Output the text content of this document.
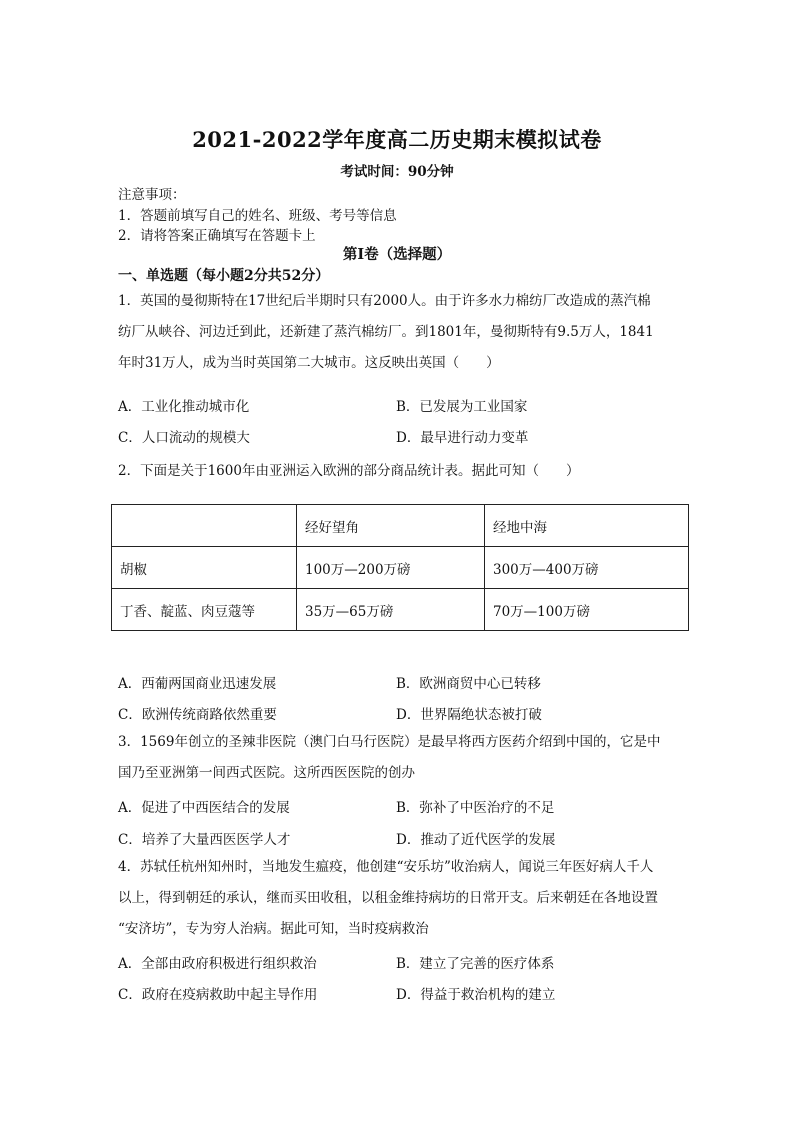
2021-2022学年度高二历史期末模拟试卷
考试时间：90分钟
注意事项：
1．答题前填写自己的姓名、班级、考号等信息
2．请将答案正确填写在答题卡上
第I卷（选择题）
一、单选题（每小题2分共52分）
1．英国的曼彻斯特在17世纪后半期时只有2000人。由于许多水力棉纺厂改造成的蒸汽棉
纺厂从峡谷、河边迁到此，还新建了蒸汽棉纺厂。到1801年，曼彻斯特有9.5万人，1841
年时31万人，成为当时英国第二大城市。这反映出英国（　　）
A．工业化推动城市化	B．已发展为工业国家
C．人口流动的规模大	D．最早进行动力变革
2．下面是关于1600年由亚洲运入欧洲的部分商品统计表。据此可知（　　）
	经好望角	经地中海
胡椒	100万—200万磅	300万—400万磅
丁香、靛蓝、肉豆蔻等	35万—65万磅	70万—100万磅
A．西葡两国商业迅速发展	B．欧洲商贸中心已转移
C．欧洲传统商路依然重要	D．世界隔绝状态被打破
3．1569年创立的圣辣非医院（澳门白马行医院）是最早将西方医药介绍到中国的，它是中
国乃至亚洲第一间西式医院。这所西医医院的创办
A．促进了中西医结合的发展	B．弥补了中医治疗的不足
C．培养了大量西医医学人才	D．推动了近代医学的发展
4．苏轼任杭州知州时，当地发生瘟疫，他创建“安乐坊”收治病人，闻说三年医好病人千人
以上，得到朝廷的承认，继而买田收租，以租金维持病坊的日常开支。后来朝廷在各地设置
“安济坊”，专为穷人治病。据此可知，当时疫病救治
A．全部由政府积极进行组织救治	B．建立了完善的医疗体系
C．政府在疫病救助中起主导作用	D．得益于救治机构的建立
